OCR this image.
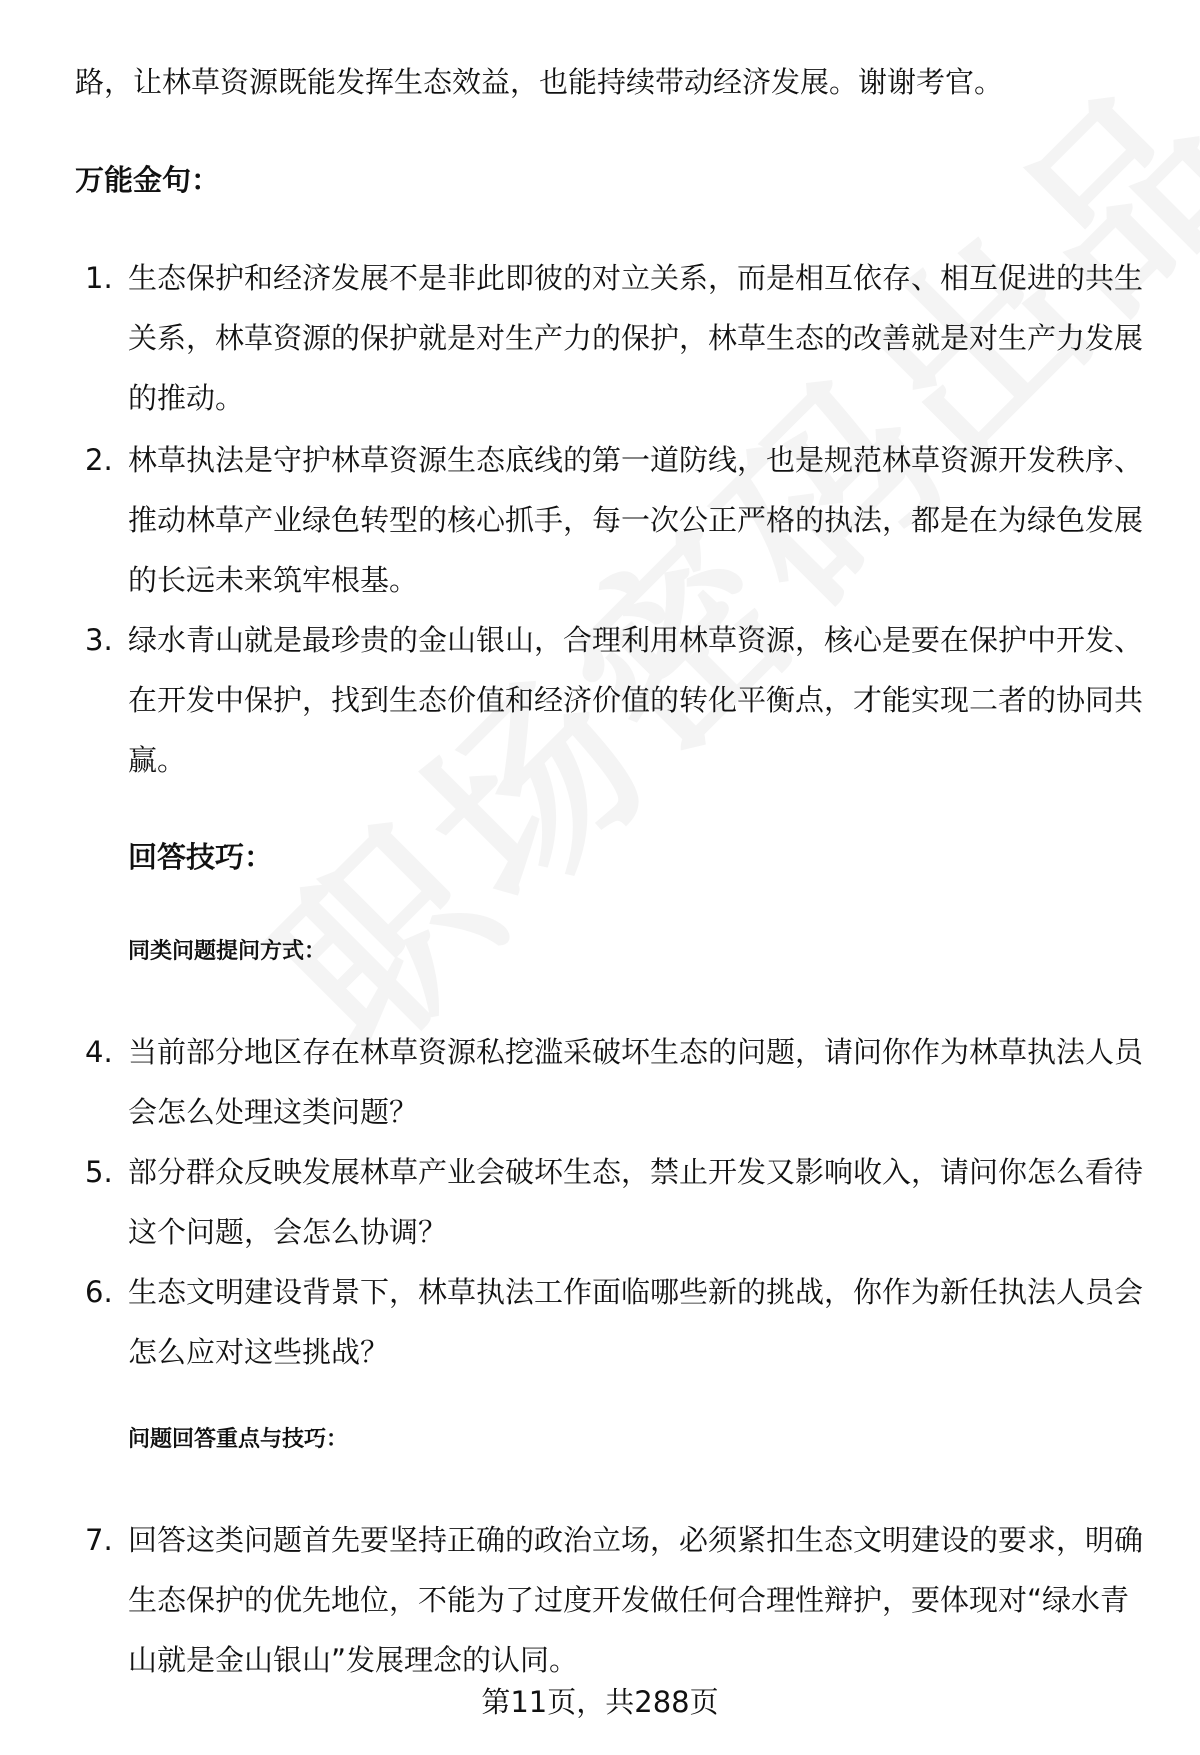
路，让林草资源既能发挥生态效益，也能持续带动经济发展。谢谢考官。
万能金句：
1. 生态保护和经济发展不是非此即彼的对立关系，而是相互依存、相互促进的共生关系，林草资源的保护就是对生产力的保护，林草生态的改善就是对生产力发展的推动。
2. 林草执法是守护林草资源生态底线的第一道防线，也是规范林草资源开发秩序、推动林草产业绿色转型的核心抓手，每一次公正严格的执法，都是在为绿色发展的长远未来筑牢根基。
3. 绿水青山就是最珍贵的金山银山，合理利用林草资源，核心是要在保护中开发、在开发中保护，找到生态价值和经济价值的转化平衡点，才能实现二者的协同共赢。
回答技巧：
同类问题提问方式：
4. 当前部分地区存在林草资源私挖滥采破坏生态的问题，请问你作为林草执法人员会怎么处理这类问题？
5. 部分群众反映发展林草产业会破坏生态，禁止开发又影响收入，请问你怎么看待这个问题，会怎么协调？
6. 生态文明建设背景下，林草执法工作面临哪些新的挑战，你作为新任执法人员会怎么应对这些挑战？
问题回答重点与技巧：
7. 回答这类问题首先要坚持正确的政治立场，必须紧扣生态文明建设的要求，明确生态保护的优先地位，不能为了过度开发做任何合理性辩护，要体现对“绿水青山就是金山银山”发展理念的认同。
第11页，共288页
